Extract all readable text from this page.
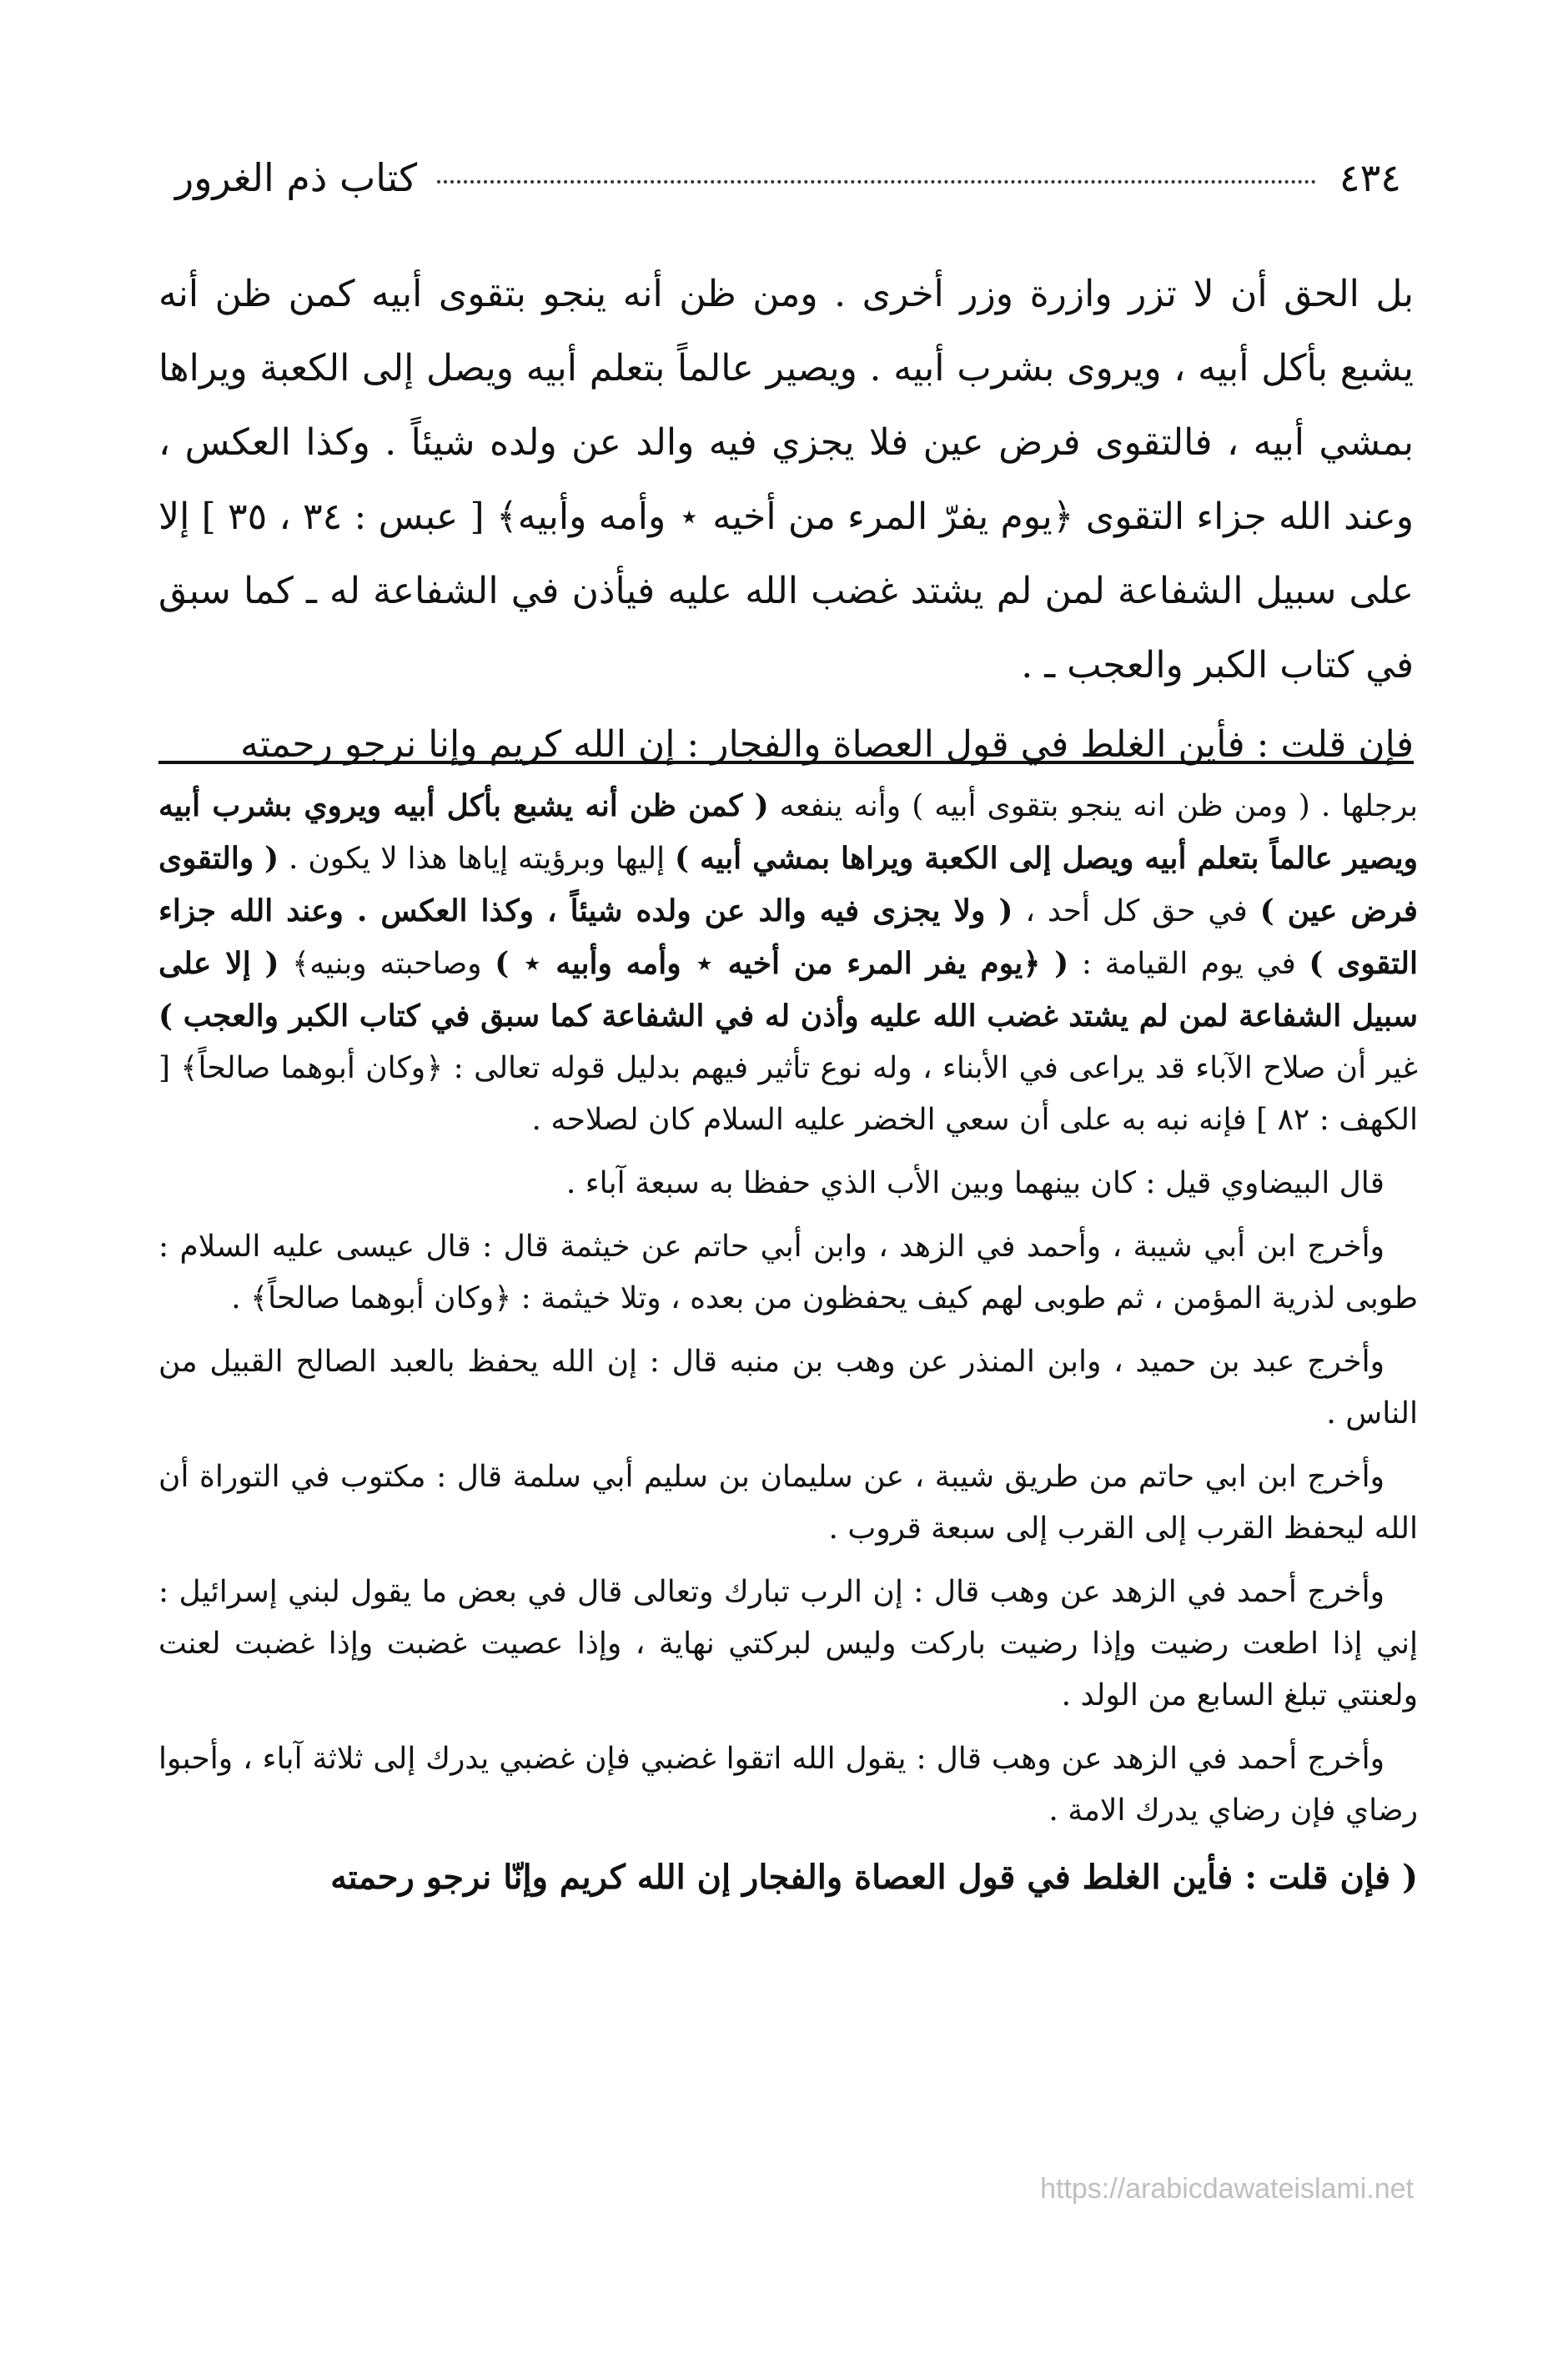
٤٣٤
كتاب ذم الغرور

بل الحق أن لا تزر وازرة وزر أخرى . ومن ظن أنه ينجو بتقوى أبيه كمن ظن أنه يشبع بأكل أبيه ، ويروى بشرب أبيه . ويصير عالماً بتعلم أبيه ويصل إلى الكعبة ويراها بمشي أبيه ، فالتقوى فرض عين فلا يجزي فيه والد عن ولده شيئاً . وكذا العكس ، وعند الله جزاء التقوى ﴿يوم يفرّ المرء من أخيه ⋆ وأمه وأبيه﴾ [ عبس : ٣٤ ، ٣٥ ] إلا على سبيل الشفاعة لمن لم يشتد غضب الله عليه فيأذن في الشفاعة له ـ كما سبق في كتاب الكبر والعجب ـ .

فإن قلت : فأين الغلط في قول العصاة والفجار : إن الله كريم وإنا نرجو رحمته

برجلها . ( ومن ظن انه ينجو بتقوى أبيه ) وأنه ينفعه ( كمن ظن أنه يشبع بأكل أبيه ويروي بشرب أبيه ويصير عالماً بتعلم أبيه ويصل إلى الكعبة ويراها بمشي أبيه ) إليها وبرؤيته إياها هذا لا يكون . ( والتقوى فرض عين ) في حق كل أحد ، ( ولا يجزى فيه والد عن ولده شيئاً ، وكذا العكس . وعند الله جزاء التقوى ) في يوم القيامة : ( ﴿يوم يفر المرء من أخيه ⋆ وأمه وأبيه ⋆ ) وصاحبته وبنيه﴾ ( إلا على سبيل الشفاعة لمن لم يشتد غضب الله عليه وأذن له في الشفاعة كما سبق في كتاب الكبر والعجب ) غير أن صلاح الآباء قد يراعى في الأبناء ، وله نوع تأثير فيهم بدليل قوله تعالى : ﴿وكان أبوهما صالحاً﴾ [ الكهف : ٨٢ ] فإنه نبه به على أن سعي الخضر عليه السلام كان لصلاحه .

قال البيضاوي قيل : كان بينهما وبين الأب الذي حفظا به سبعة آباء .

وأخرج ابن أبي شيبة ، وأحمد في الزهد ، وابن أبي حاتم عن خيثمة قال : قال عيسى عليه السلام : طوبى لذرية المؤمن ، ثم طوبى لهم كيف يحفظون من بعده ، وتلا خيثمة : ﴿وكان أبوهما صالحاً﴾ .

وأخرج عبد بن حميد ، وابن المنذر عن وهب بن منبه قال : إن الله يحفظ بالعبد الصالح القبيل من الناس .

وأخرج ابن ابي حاتم من طريق شيبة ، عن سليمان بن سليم أبي سلمة قال : مكتوب في التوراة أن الله ليحفظ القرب إلى القرب إلى سبعة قروب .

وأخرج أحمد في الزهد عن وهب قال : إن الرب تبارك وتعالى قال في بعض ما يقول لبني إسرائيل : إني إذا اطعت رضيت وإذا رضيت باركت وليس لبركتي نهاية ، وإذا عصيت غضبت وإذا غضبت لعنت ولعنتي تبلغ السابع من الولد .

وأخرج أحمد في الزهد عن وهب قال : يقول الله اتقوا غضبي فإن غضبي يدرك إلى ثلاثة آباء ، وأحبوا رضاي فإن رضاي يدرك الامة .

( فإن قلت : فأين الغلط في قول العصاة والفجار إن الله كريم وإنّا نرجو رحمته

https://arabicdawateislami.net
